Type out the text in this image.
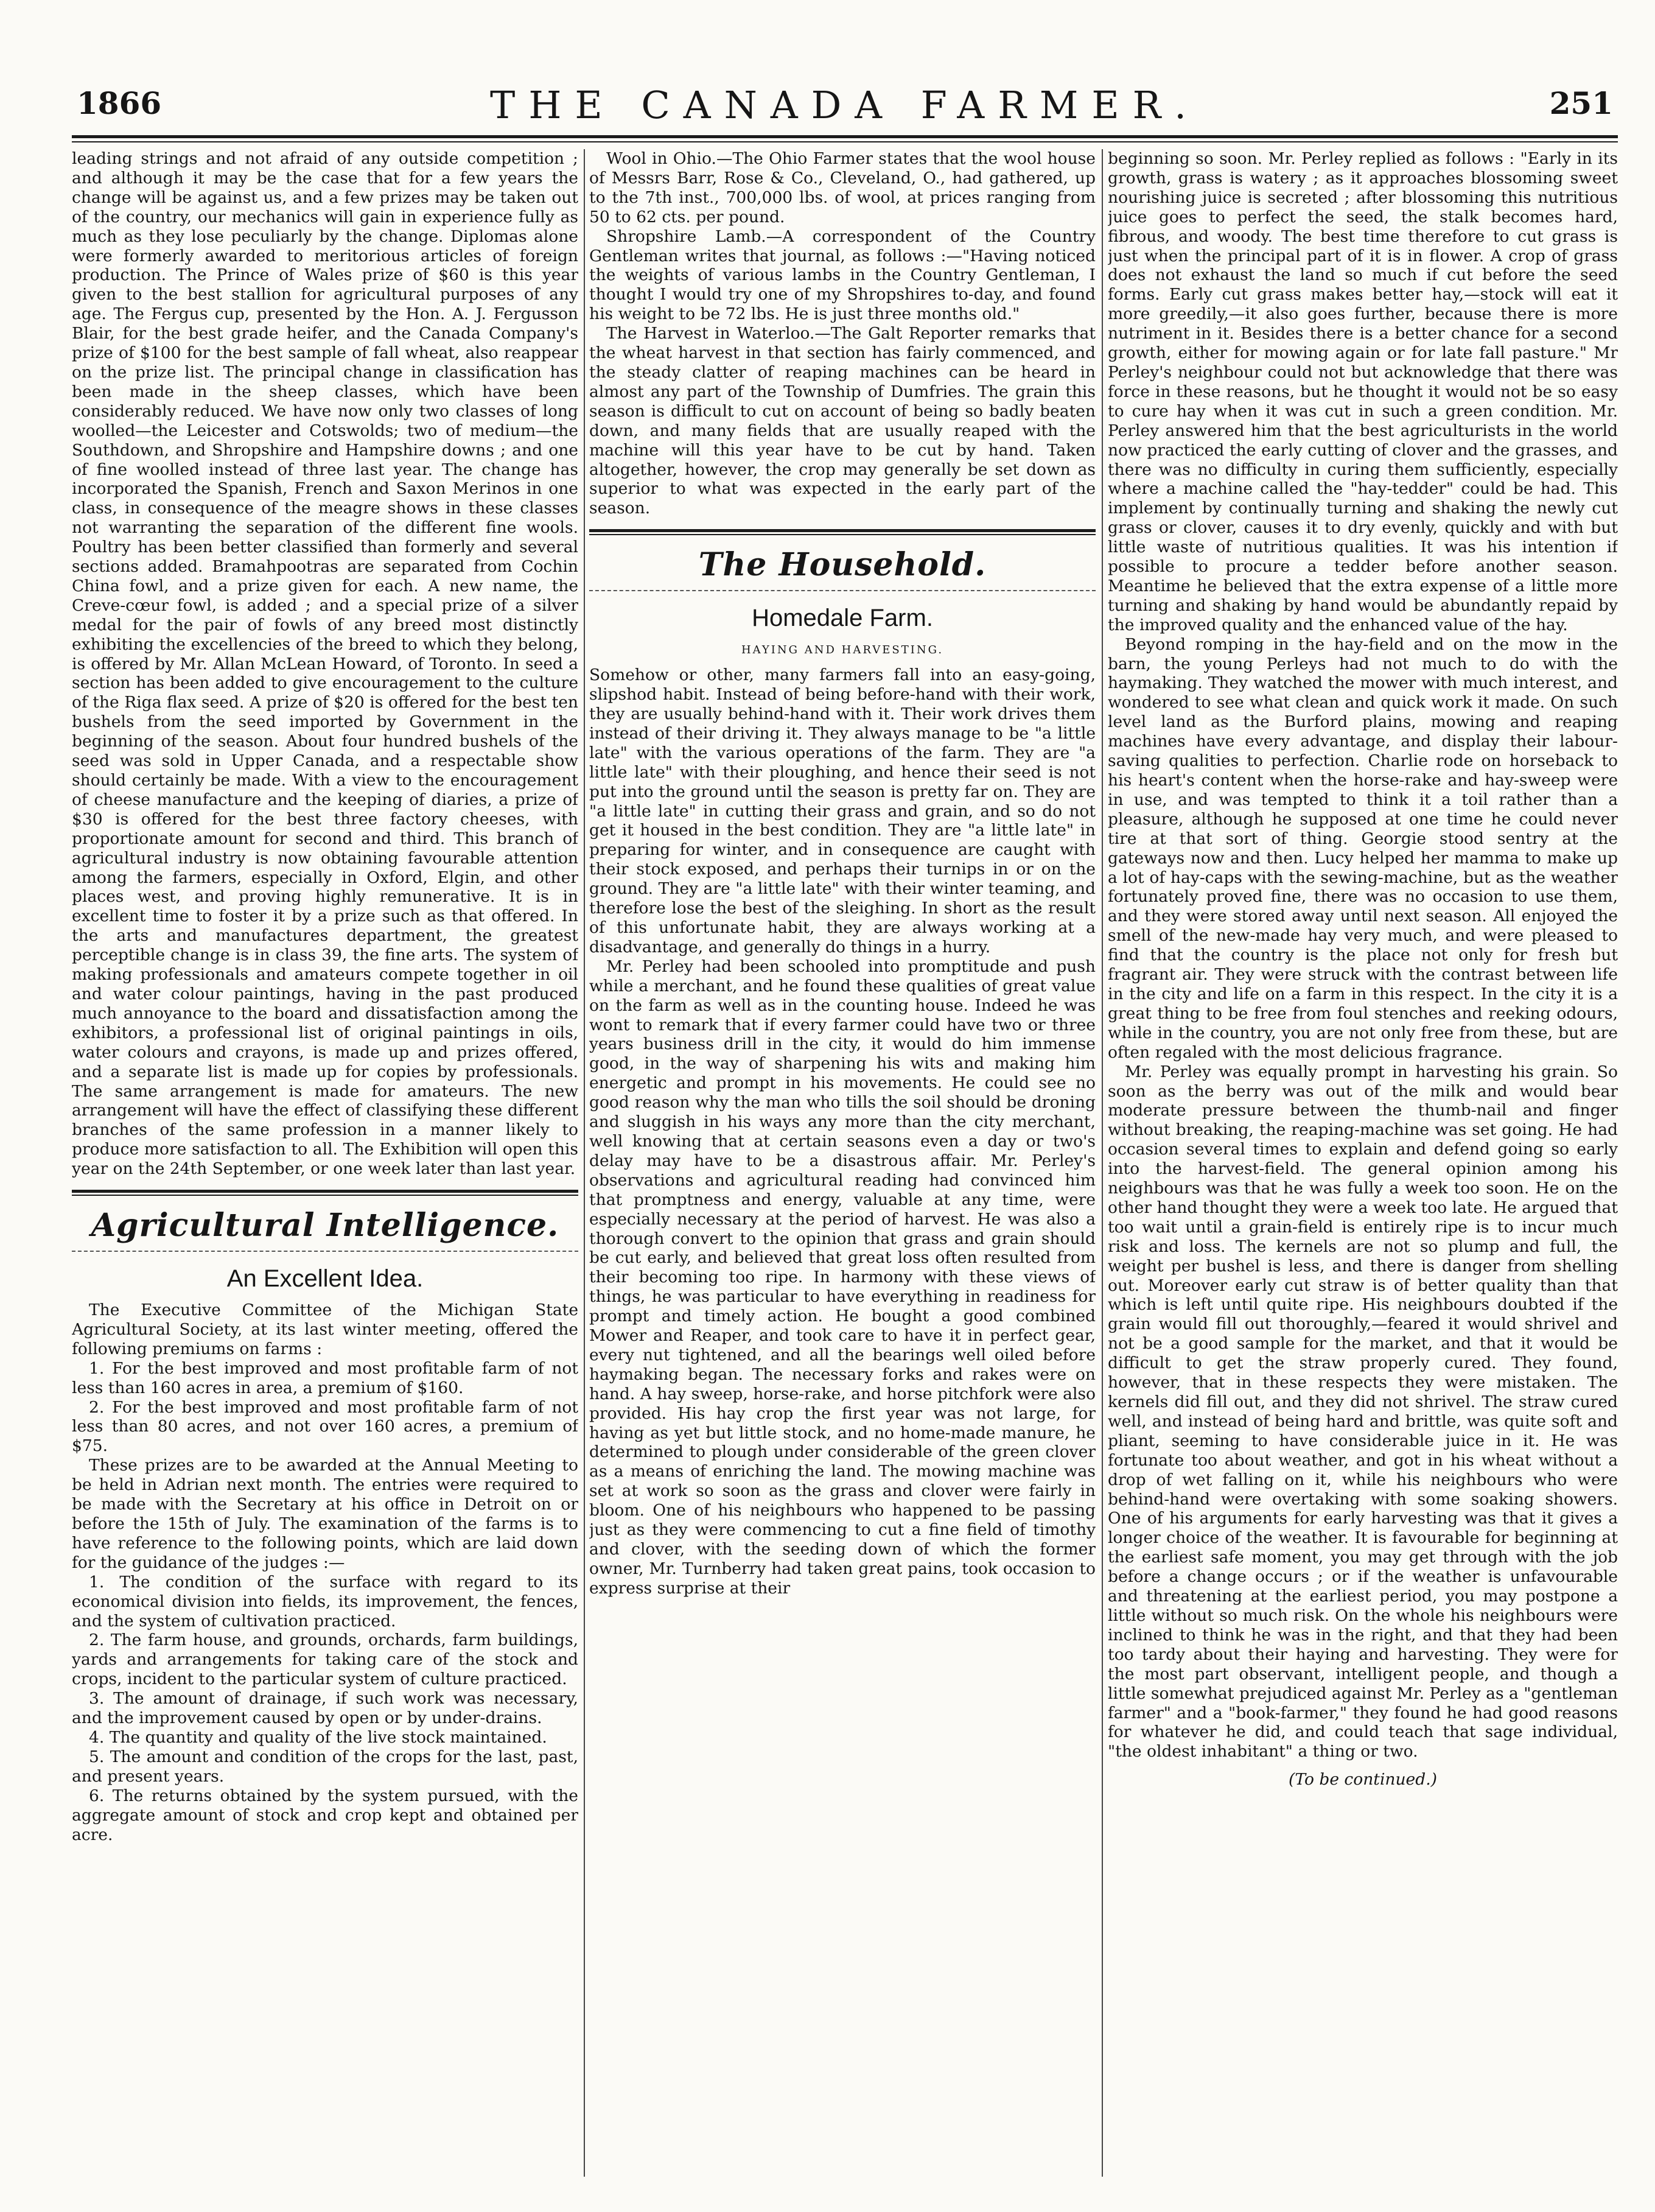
1866	THE CANADA FARMER.	251

leading strings and not afraid of any outside competition ; and although it may be the case that for a few years the change will be against us, and a few prizes may be taken out of the country, our mechanics will gain in experience fully as much as they lose peculiarly by the change. Diplomas alone were formerly awarded to meritorious articles of foreign production. The Prince of Wales prize of $60 is this year given to the best stallion for agricultural purposes of any age. The Fergus cup, presented by the Hon. A. J. Fergusson Blair, for the best grade heifer, and the Canada Company's prize of $100 for the best sample of fall wheat, also reappear on the prize list. The principal change in classification has been made in the sheep classes, which have been considerably reduced. We have now only two classes of long woolled—the Leicester and Cotswolds; two of medium—the Southdown, and Shropshire and Hampshire downs ; and one of fine woolled instead of three last year. The change has incorporated the Spanish, French and Saxon Merinos in one class, in consequence of the meagre shows in these classes not warranting the separation of the different fine wools. Poultry has been better classified than formerly and several sections added. Bramahpootras are separated from Cochin China fowl, and a prize given for each. A new name, the Creve-cœur fowl, is added ; and a special prize of a silver medal for the pair of fowls of any breed most distinctly exhibiting the excellencies of the breed to which they belong, is offered by Mr. Allan McLean Howard, of Toronto. In seed a section has been added to give encouragement to the culture of the Riga flax seed. A prize of $20 is offered for the best ten bushels from the seed imported by Government in the beginning of the season. About four hundred bushels of the seed was sold in Upper Canada, and a respectable show should certainly be made. With a view to the encouragement of cheese manufacture and the keeping of diaries, a prize of $30 is offered for the best three factory cheeses, with proportionate amount for second and third. This branch of agricultural industry is now obtaining favourable attention among the farmers, especially in Oxford, Elgin, and other places west, and proving highly remunerative. It is in excellent time to foster it by a prize such as that offered. In the arts and manufactures department, the greatest perceptible change is in class 39, the fine arts. The system of making professionals and amateurs compete together in oil and water colour paintings, having in the past produced much annoyance to the board and dissatisfaction among the exhibitors, a professional list of original paintings in oils, water colours and crayons, is made up and prizes offered, and a separate list is made up for copies by professionals. The same arrangement is made for amateurs. The new arrangement will have the effect of classifying these different branches of the same profession in a manner likely to produce more satisfaction to all. The Exhibition will open this year on the 24th September, or one week later than last year.

Agricultural Intelligence.
An Excellent Idea.

The Executive Committee of the Michigan State Agricultural Society, at its last winter meeting, offered the following premiums on farms :

1. For the best improved and most profitable farm of not less than 160 acres in area, a premium of $160.

2. For the best improved and most profitable farm of not less than 80 acres, and not over 160 acres, a premium of $75.

These prizes are to be awarded at the Annual Meeting to be held in Adrian next month. The entries were required to be made with the Secretary at his office in Detroit on or before the 15th of July. The examination of the farms is to have reference to the following points, which are laid down for the guidance of the judges :—

1. The condition of the surface with regard to its economical division into fields, its improvement, the fences, and the system of cultivation practiced.

2. The farm house, and grounds, orchards, farm buildings, yards and arrangements for taking care of the stock and crops, incident to the particular system of culture practiced.

3. The amount of drainage, if such work was necessary, and the improvement caused by open or by under-drains.

4. The quantity and quality of the live stock maintained.

5. The amount and condition of the crops for the last, past, and present years.

6. The returns obtained by the system pursued, with the aggregate amount of stock and crop kept and obtained per acre.

Wool in Ohio.—The Ohio Farmer states that the wool house of Messrs Barr, Rose & Co., Cleveland, O., had gathered, up to the 7th inst., 700,000 lbs. of wool, at prices ranging from 50 to 62 cts. per pound.

Shropshire Lamb.—A correspondent of the Country Gentleman writes that journal, as follows :—"Having noticed the weights of various lambs in the Country Gentleman, I thought I would try one of my Shropshires to-day, and found his weight to be 72 lbs. He is just three months old."

The Harvest in Waterloo.—The Galt Reporter remarks that the wheat harvest in that section has fairly commenced, and the steady clatter of reaping machines can be heard in almost any part of the Township of Dumfries. The grain this season is difficult to cut on account of being so badly beaten down, and many fields that are usually reaped with the machine will this year have to be cut by hand. Taken altogether, however, the crop may generally be set down as superior to what was expected in the early part of the season.

The Household.
Homedale Farm.
HAYING AND HARVESTING.

Somehow or other, many farmers fall into an easy-going, slipshod habit. Instead of being before-hand with their work, they are usually behind-hand with it. Their work drives them instead of their driving it. They always manage to be "a little late" with the various operations of the farm. They are "a little late" with their ploughing, and hence their seed is not put into the ground until the season is pretty far on. They are "a little late" in cutting their grass and grain, and so do not get it housed in the best condition. They are "a little late" in preparing for winter, and in consequence are caught with their stock exposed, and perhaps their turnips in or on the ground. They are "a little late" with their winter teaming, and therefore lose the best of the sleighing. In short as the result of this unfortunate habit, they are always working at a disadvantage, and generally do things in a hurry.

Mr. Perley had been schooled into promptitude and push while a merchant, and he found these qualities of great value on the farm as well as in the counting house. Indeed he was wont to remark that if every farmer could have two or three years business drill in the city, it would do him immense good, in the way of sharpening his wits and making him energetic and prompt in his movements. He could see no good reason why the man who tills the soil should be droning and sluggish in his ways any more than the city merchant, well knowing that at certain seasons even a day or two's delay may have to be a disastrous affair. Mr. Perley's observations and agricultural reading had convinced him that promptness and energy, valuable at any time, were especially necessary at the period of harvest. He was also a thorough convert to the opinion that grass and grain should be cut early, and believed that great loss often resulted from their becoming too ripe. In harmony with these views of things, he was particular to have everything in readiness for prompt and timely action. He bought a good combined Mower and Reaper, and took care to have it in perfect gear, every nut tightened, and all the bearings well oiled before haymaking began. The necessary forks and rakes were on hand. A hay sweep, horse-rake, and horse pitchfork were also provided. His hay crop the first year was not large, for having as yet but little stock, and no home-made manure, he determined to plough under considerable of the green clover as a means of enriching the land. The mowing machine was set at work so soon as the grass and clover were fairly in bloom. One of his neighbours who happened to be passing just as they were commencing to cut a fine field of timothy and clover, with the seeding down of which the former owner, Mr. Turnberry had taken great pains, took occasion to express surprise at their

beginning so soon. Mr. Perley replied as follows : "Early in its growth, grass is watery ; as it approaches blossoming sweet nourishing juice is secreted ; after blossoming this nutritious juice goes to perfect the seed, the stalk becomes hard, fibrous, and woody. The best time therefore to cut grass is just when the principal part of it is in flower. A crop of grass does not exhaust the land so much if cut before the seed forms. Early cut grass makes better hay,—stock will eat it more greedily,—it also goes further, because there is more nutriment in it. Besides there is a better chance for a second growth, either for mowing again or for late fall pasture." Mr Perley's neighbour could not but acknowledge that there was force in these reasons, but he thought it would not be so easy to cure hay when it was cut in such a green condition. Mr. Perley answered him that the best agriculturists in the world now practiced the early cutting of clover and the grasses, and there was no difficulty in curing them sufficiently, especially where a machine called the "hay-tedder" could be had. This implement by continually turning and shaking the newly cut grass or clover, causes it to dry evenly, quickly and with but little waste of nutritious qualities. It was his intention if possible to procure a tedder before another season. Meantime he believed that the extra expense of a little more turning and shaking by hand would be abundantly repaid by the improved quality and the enhanced value of the hay.

Beyond romping in the hay-field and on the mow in the barn, the young Perleys had not much to do with the haymaking. They watched the mower with much interest, and wondered to see what clean and quick work it made. On such level land as the Burford plains, mowing and reaping machines have every advantage, and display their labour-saving qualities to perfection. Charlie rode on horseback to his heart's content when the horse-rake and hay-sweep were in use, and was tempted to think it a toil rather than a pleasure, although he supposed at one time he could never tire at that sort of thing. Georgie stood sentry at the gateways now and then. Lucy helped her mamma to make up a lot of hay-caps with the sewing-machine, but as the weather fortunately proved fine, there was no occasion to use them, and they were stored away until next season. All enjoyed the smell of the new-made hay very much, and were pleased to find that the country is the place not only for fresh but fragrant air. They were struck with the contrast between life in the city and life on a farm in this respect. In the city it is a great thing to be free from foul stenches and reeking odours, while in the country, you are not only free from these, but are often regaled with the most delicious fragrance.

Mr. Perley was equally prompt in harvesting his grain. So soon as the berry was out of the milk and would bear moderate pressure between the thumb-nail and finger without breaking, the reaping-machine was set going. He had occasion several times to explain and defend going so early into the harvest-field. The general opinion among his neighbours was that he was fully a week too soon. He on the other hand thought they were a week too late. He argued that too wait until a grain-field is entirely ripe is to incur much risk and loss. The kernels are not so plump and full, the weight per bushel is less, and there is danger from shelling out. Moreover early cut straw is of better quality than that which is left until quite ripe. His neighbours doubted if the grain would fill out thoroughly,—feared it would shrivel and not be a good sample for the market, and that it would be difficult to get the straw properly cured. They found, however, that in these respects they were mistaken. The kernels did fill out, and they did not shrivel. The straw cured well, and instead of being hard and brittle, was quite soft and pliant, seeming to have considerable juice in it. He was fortunate too about weather, and got in his wheat without a drop of wet falling on it, while his neighbours who were behind-hand were overtaking with some soaking showers. One of his arguments for early harvesting was that it gives a longer choice of the weather. It is favourable for beginning at the earliest safe moment, you may get through with the job before a change occurs ; or if the weather is unfavourable and threatening at the earliest period, you may postpone a little without so much risk. On the whole his neighbours were inclined to think he was in the right, and that they had been too tardy about their haying and harvesting. They were for the most part observant, intelligent people, and though a little somewhat prejudiced against Mr. Perley as a "gentleman farmer" and a "book-farmer," they found he had good reasons for whatever he did, and could teach that sage individual, "the oldest inhabitant" a thing or two.

(To be continued.)
